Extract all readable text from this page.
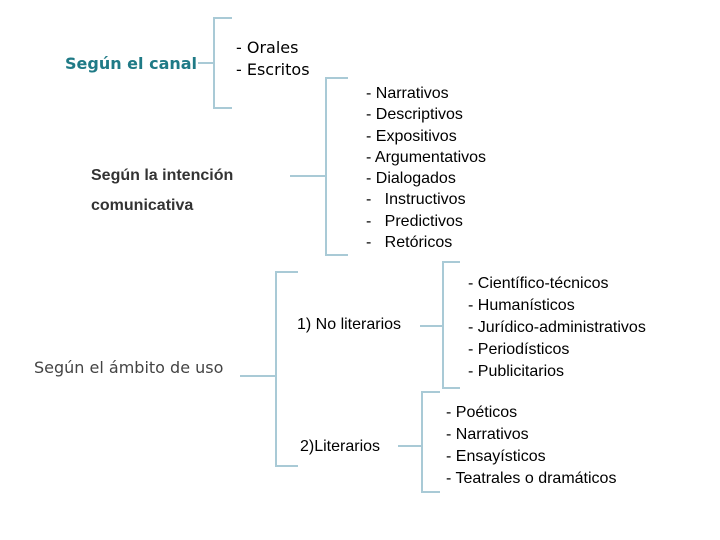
Según el canal
- Orales
- Escritos
Según la intención
comunicativa
- Narrativos
- Descriptivos
- Expositivos
- Argumentativos
- Dialogados
-   Instructivos
-   Predictivos
-   Retóricos
Según el ámbito de uso
1) No literarios
- Científico-técnicos
- Humanísticos
- Jurídico-administrativos
- Periodísticos
- Publicitarios
2)Literarios
- Poéticos
- Narrativos
- Ensayísticos
- Teatrales o dramáticos
